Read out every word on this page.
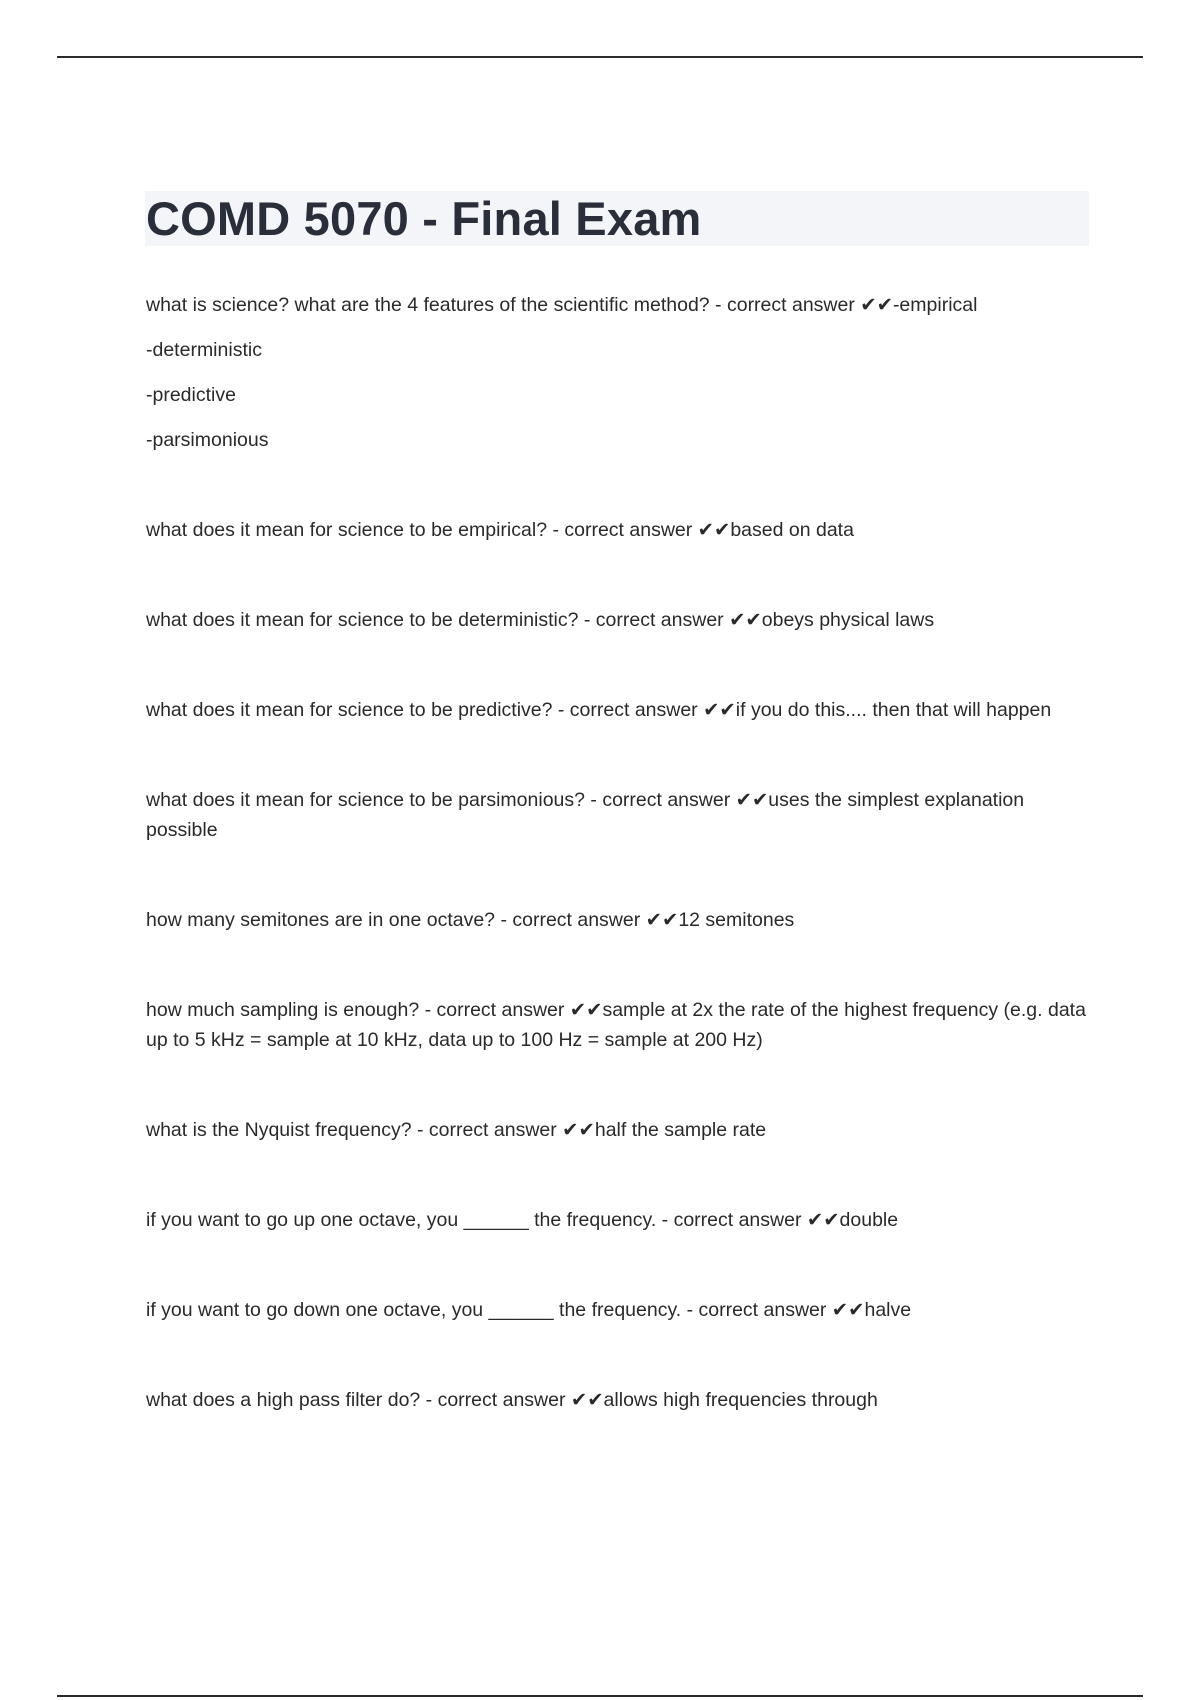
COMD 5070 - Final Exam

what is science? what are the 4 features of the scientific method? - correct answer ✔✔-empirical

-deterministic

-predictive

-parsimonious

what does it mean for science to be empirical? - correct answer ✔✔based on data

what does it mean for science to be deterministic? - correct answer ✔✔obeys physical laws

what does it mean for science to be predictive? - correct answer ✔✔if you do this.... then that will happen

what does it mean for science to be parsimonious? - correct answer ✔✔uses the simplest explanation possible

how many semitones are in one octave? - correct answer ✔✔12 semitones

how much sampling is enough? - correct answer ✔✔sample at 2x the rate of the highest frequency (e.g. data up to 5 kHz = sample at 10 kHz, data up to 100 Hz = sample at 200 Hz)

what is the Nyquist frequency? - correct answer ✔✔half the sample rate

if you want to go up one octave, you ______ the frequency. - correct answer ✔✔double

if you want to go down one octave, you ______ the frequency. - correct answer ✔✔halve

what does a high pass filter do? - correct answer ✔✔allows high frequencies through
